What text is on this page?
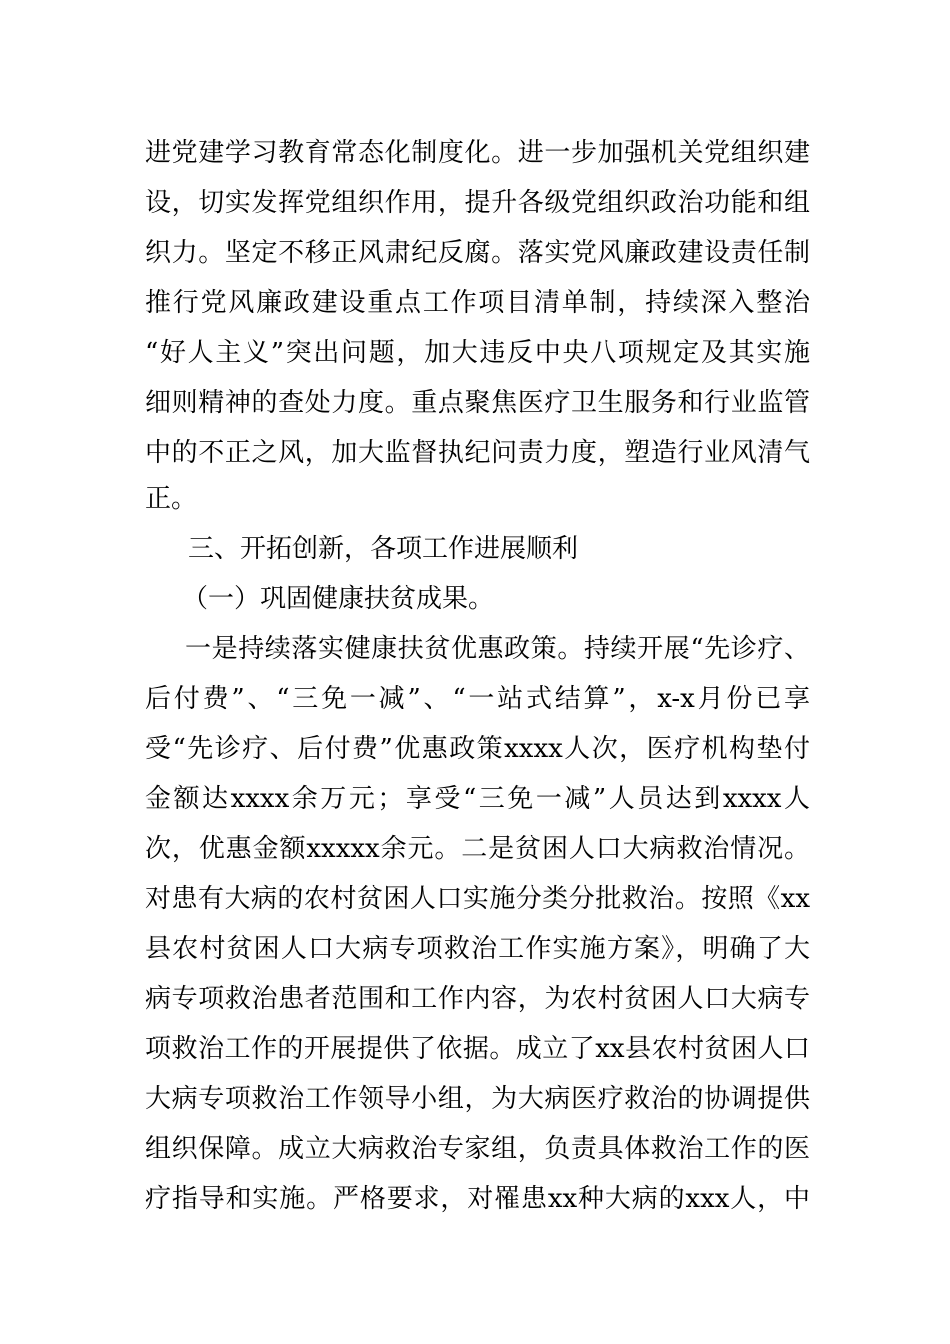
进党建学习教育常态化制度化。进一步加强机关党组织建
设，切实发挥党组织作用，提升各级党组织政治功能和组
织力。坚定不移正风肃纪反腐。落实党风廉政建设责任制
推行党风廉政建设重点工作项目清单制，持续深入整治
“好人主义”突出问题，加大违反中央八项规定及其实施
细则精神的查处力度。重点聚焦医疗卫生服务和行业监管
中的不正之风，加大监督执纪问责力度，塑造行业风清气
正。
三、开拓创新，各项工作进展顺利
（一）巩固健康扶贫成果。
一是持续落实健康扶贫优惠政策。持续开展“先诊疗、
后付费”、“三免一减”、“一站式结算”，x-x月份已享
受“先诊疗、后付费”优惠政策xxxx人次，医疗机构垫付
金额达xxxx余万元；享受“三免一减”人员达到xxxx人
次，优惠金额xxxxx余元。二是贫困人口大病救治情况。
对患有大病的农村贫困人口实施分类分批救治。按照《xx
县农村贫困人口大病专项救治工作实施方案》，明确了大
病专项救治患者范围和工作内容，为农村贫困人口大病专
项救治工作的开展提供了依据。成立了xx县农村贫困人口
大病专项救治工作领导小组，为大病医疗救治的协调提供
组织保障。成立大病救治专家组，负责具体救治工作的医
疗指导和实施。严格要求，对罹患xx种大病的xxx人，中
